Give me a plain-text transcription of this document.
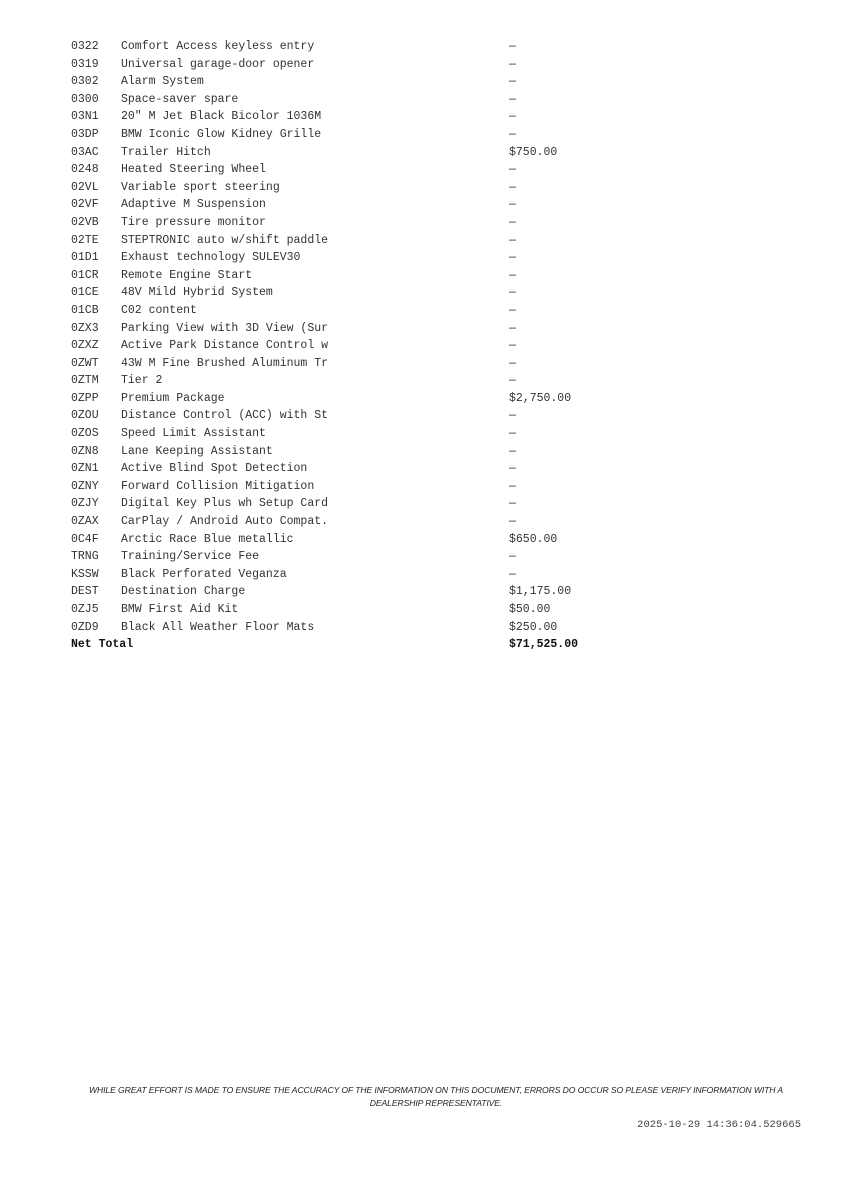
0322	Comfort Access keyless entry	—
0319	Universal garage-door opener	—
0302	Alarm System	—
0300	Space-saver spare	—
03N1	20" M Jet Black Bicolor 1036M	—
03DP	BMW Iconic Glow Kidney Grille	—
03AC	Trailer Hitch	$750.00
0248	Heated Steering Wheel	—
02VL	Variable sport steering	—
02VF	Adaptive M Suspension	—
02VB	Tire pressure monitor	—
02TE	STEPTRONIC auto w/shift paddle	—
01D1	Exhaust technology SULEV30	—
01CR	Remote Engine Start	—
01CE	48V Mild Hybrid System	—
01CB	C02 content	—
0ZX3	Parking View with 3D View (Sur	—
0ZXZ	Active Park Distance Control w	—
0ZWT	43W M Fine Brushed Aluminum Tr	—
0ZTM	Tier 2	—
0ZPP	Premium Package	$2,750.00
0ZOU	Distance Control (ACC) with St	—
0ZOS	Speed Limit Assistant	—
0ZN8	Lane Keeping Assistant	—
0ZN1	Active Blind Spot Detection	—
0ZNY	Forward Collision Mitigation	—
0ZJY	Digital Key Plus wh Setup Card	—
0ZAX	CarPlay / Android Auto Compat.	—
0C4F	Arctic Race Blue metallic	$650.00
TRNG	Training/Service Fee	—
KSSW	Black Perforated Veganza	—
DEST	Destination Charge	$1,175.00
0ZJ5	BMW First Aid Kit	$50.00
0ZD9	Black All Weather Floor Mats	$250.00
Net Total	$71,525.00
WHILE GREAT EFFORT IS MADE TO ENSURE THE ACCURACY OF THE INFORMATION ON THIS DOCUMENT, ERRORS DO OCCUR SO PLEASE VERIFY INFORMATION WITH A DEALERSHIP REPRESENTATIVE.
2025-10-29 14:36:04.529665
